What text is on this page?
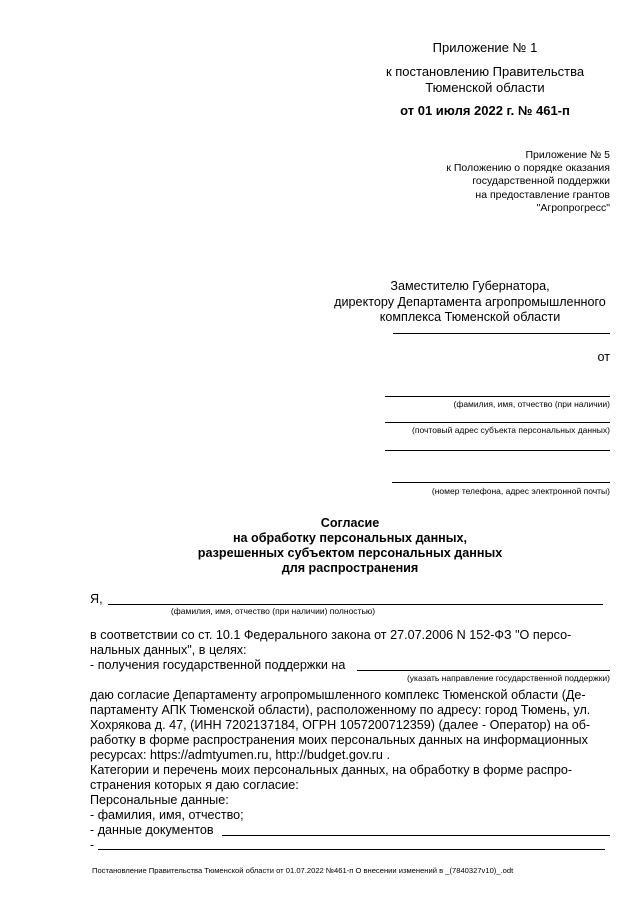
Приложение № 1
к постановлению Правительства
Тюменской области
от 01 июля 2022 г. № 461-п
Приложение № 5
к Положению о порядке оказания
государственной поддержки
на предоставление грантов
"Агропрогресс"
Заместителю Губернатора,
директору Департамента агропромышленного
комплекса Тюменской области
от
(фамилия, имя, отчество (при наличии)
(почтовый адрес субъекта персональных данных)
(номер телефона, адрес электронной почты)
Согласие
на обработку персональных данных,
разрешенных субъектом персональных данных
для распространения
Я,
(фамилия, имя, отчество (при наличии) полностью)
в соответствии со ст. 10.1 Федерального закона от 27.07.2006 N 152-ФЗ "О персо-
нальных данных", в целях:
- получения государственной поддержки на
(указать направление государственной поддержки)
даю согласие Департаменту агропромышленного комплекс Тюменской области (Де-
партаменту АПК Тюменской области), расположенному по адресу: город Тюмень, ул.
Хохрякова д. 47, (ИНН 7202137184, ОГРН 1057200712359) (далее - Оператор) на об-
работку в форме распространения моих персональных данных на информационных
ресурсах: https://admtyumen.ru, http://budget.gov.ru .
Категории и перечень моих персональных данных, на обработку в форме распро-
странения которых я даю согласие:
Персональные данные:
- фамилия, имя, отчество;
- данные документов
-
Постановление Правительства Тюменской области от 01.07.2022 №461-п О внесении изменений в _(7840327v10)_.odt
